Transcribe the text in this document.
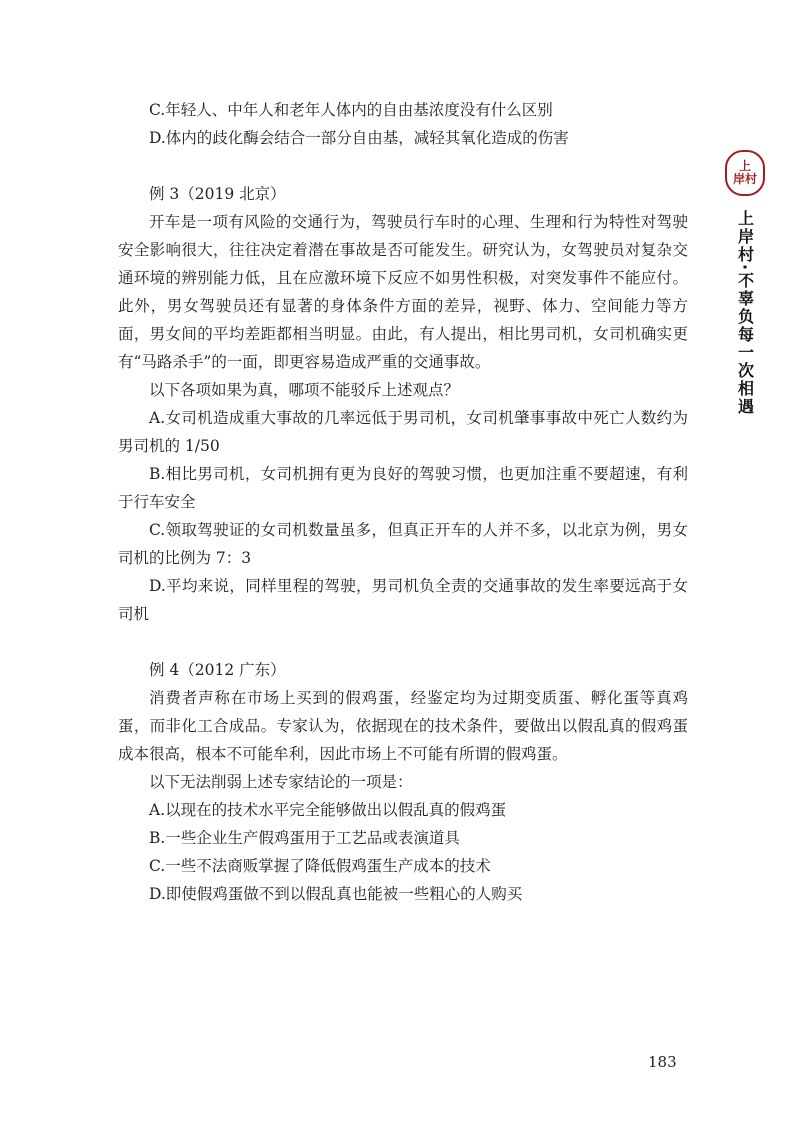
C.年轻人、中年人和老年人体内的自由基浓度没有什么区别

D.体内的歧化酶会结合一部分自由基，减轻其氧化造成的伤害

例 3（2019 北京）

开车是一项有风险的交通行为，驾驶员行车时的心理、生理和行为特性对驾驶安全影响很大，往往决定着潜在事故是否可能发生。研究认为，女驾驶员对复杂交通环境的辨别能力低，且在应激环境下反应不如男性积极，对突发事件不能应付。此外，男女驾驶员还有显著的身体条件方面的差异，视野、体力、空间能力等方面，男女间的平均差距都相当明显。由此，有人提出，相比男司机，女司机确实更有“马路杀手”的一面，即更容易造成严重的交通事故。

以下各项如果为真，哪项不能驳斥上述观点？

A.女司机造成重大事故的几率远低于男司机，女司机肇事事故中死亡人数约为男司机的 1/50

B.相比男司机，女司机拥有更为良好的驾驶习惯，也更加注重不要超速，有利于行车安全

C.领取驾驶证的女司机数量虽多，但真正开车的人并不多，以北京为例，男女司机的比例为 7：3

D.平均来说，同样里程的驾驶，男司机负全责的交通事故的发生率要远高于女司机

例 4（2012 广东）

消费者声称在市场上买到的假鸡蛋，经鉴定均为过期变质蛋、孵化蛋等真鸡蛋，而非化工合成品。专家认为，依据现在的技术条件，要做出以假乱真的假鸡蛋成本很高，根本不可能牟利，因此市场上不可能有所谓的假鸡蛋。

以下无法削弱上述专家结论的一项是：

A.以现在的技术水平完全能够做出以假乱真的假鸡蛋

B.一些企业生产假鸡蛋用于工艺品或表演道具

C.一些不法商贩掌握了降低假鸡蛋生产成本的技术

D.即使假鸡蛋做不到以假乱真也能被一些粗心的人购买

上
岸村
上岸村·不辜负每一次相遇
183
